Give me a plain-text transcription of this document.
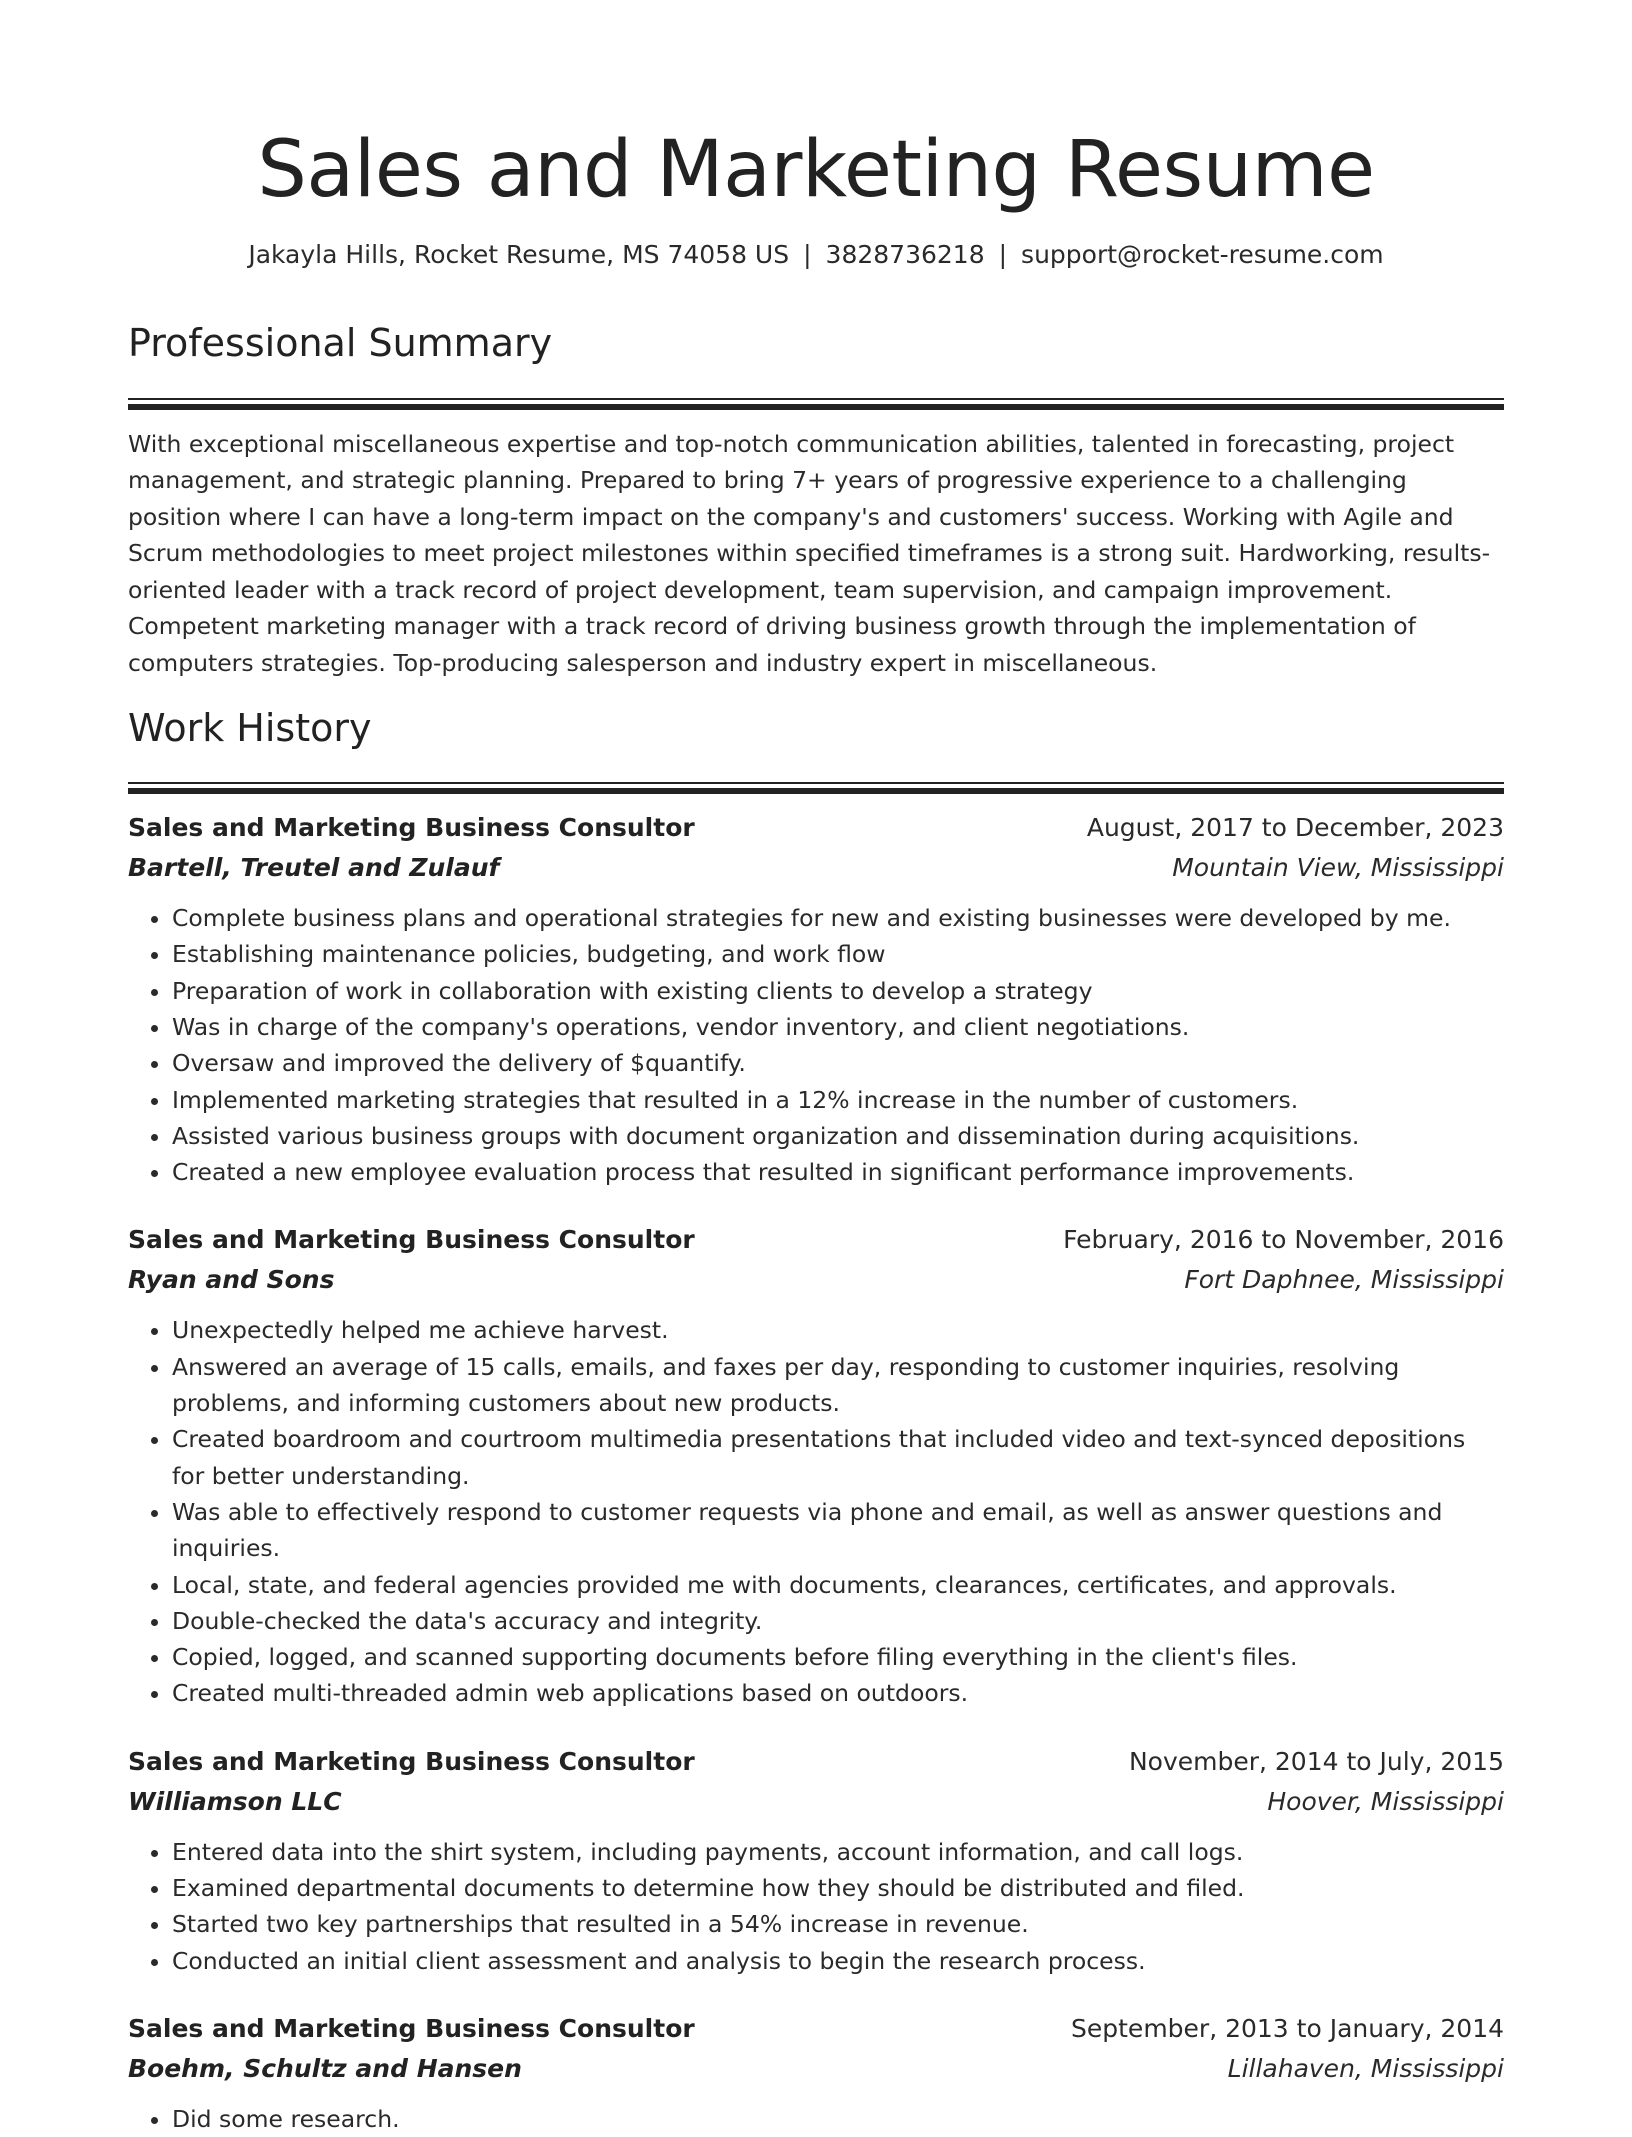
Sales and Marketing Resume
Jakayla Hills, Rocket Resume, MS 74058 US | 3828736218 | support@rocket-resume.com
Professional Summary

With exceptional miscellaneous expertise and top-notch communication abilities, talented in forecasting, project management, and strategic planning. Prepared to bring 7+ years of progressive experience to a challenging position where I can have a long-term impact on the company's and customers' success. Working with Agile and Scrum methodologies to meet project milestones within specified timeframes is a strong suit. Hardworking, results-oriented leader with a track record of project development, team supervision, and campaign improvement. Competent marketing manager with a track record of driving business growth through the implementation of computers strategies. Top-producing salesperson and industry expert in miscellaneous.

Work History
Sales and Marketing Business Consultor	August, 2017 to December, 2023
Bartell, Treutel and Zulauf	Mountain View, Mississippi
• Complete business plans and operational strategies for new and existing businesses were developed by me.
• Establishing maintenance policies, budgeting, and work flow
• Preparation of work in collaboration with existing clients to develop a strategy
• Was in charge of the company's operations, vendor inventory, and client negotiations.
• Oversaw and improved the delivery of $quantify.
• Implemented marketing strategies that resulted in a 12% increase in the number of customers.
• Assisted various business groups with document organization and dissemination during acquisitions.
• Created a new employee evaluation process that resulted in significant performance improvements.
Sales and Marketing Business Consultor	February, 2016 to November, 2016
Ryan and Sons	Fort Daphnee, Mississippi
• Unexpectedly helped me achieve harvest.
• Answered an average of 15 calls, emails, and faxes per day, responding to customer inquiries, resolving problems, and informing customers about new products.
• Created boardroom and courtroom multimedia presentations that included video and text-synced depositions for better understanding.
• Was able to effectively respond to customer requests via phone and email, as well as answer questions and inquiries.
• Local, state, and federal agencies provided me with documents, clearances, certificates, and approvals.
• Double-checked the data's accuracy and integrity.
• Copied, logged, and scanned supporting documents before filing everything in the client's files.
• Created multi-threaded admin web applications based on outdoors.
Sales and Marketing Business Consultor	November, 2014 to July, 2015
Williamson LLC	Hoover, Mississippi
• Entered data into the shirt system, including payments, account information, and call logs.
• Examined departmental documents to determine how they should be distributed and filed.
• Started two key partnerships that resulted in a 54% increase in revenue.
• Conducted an initial client assessment and analysis to begin the research process.
Sales and Marketing Business Consultor	September, 2013 to January, 2014
Boehm, Schultz and Hansen	Lillahaven, Mississippi
• Did some research.
